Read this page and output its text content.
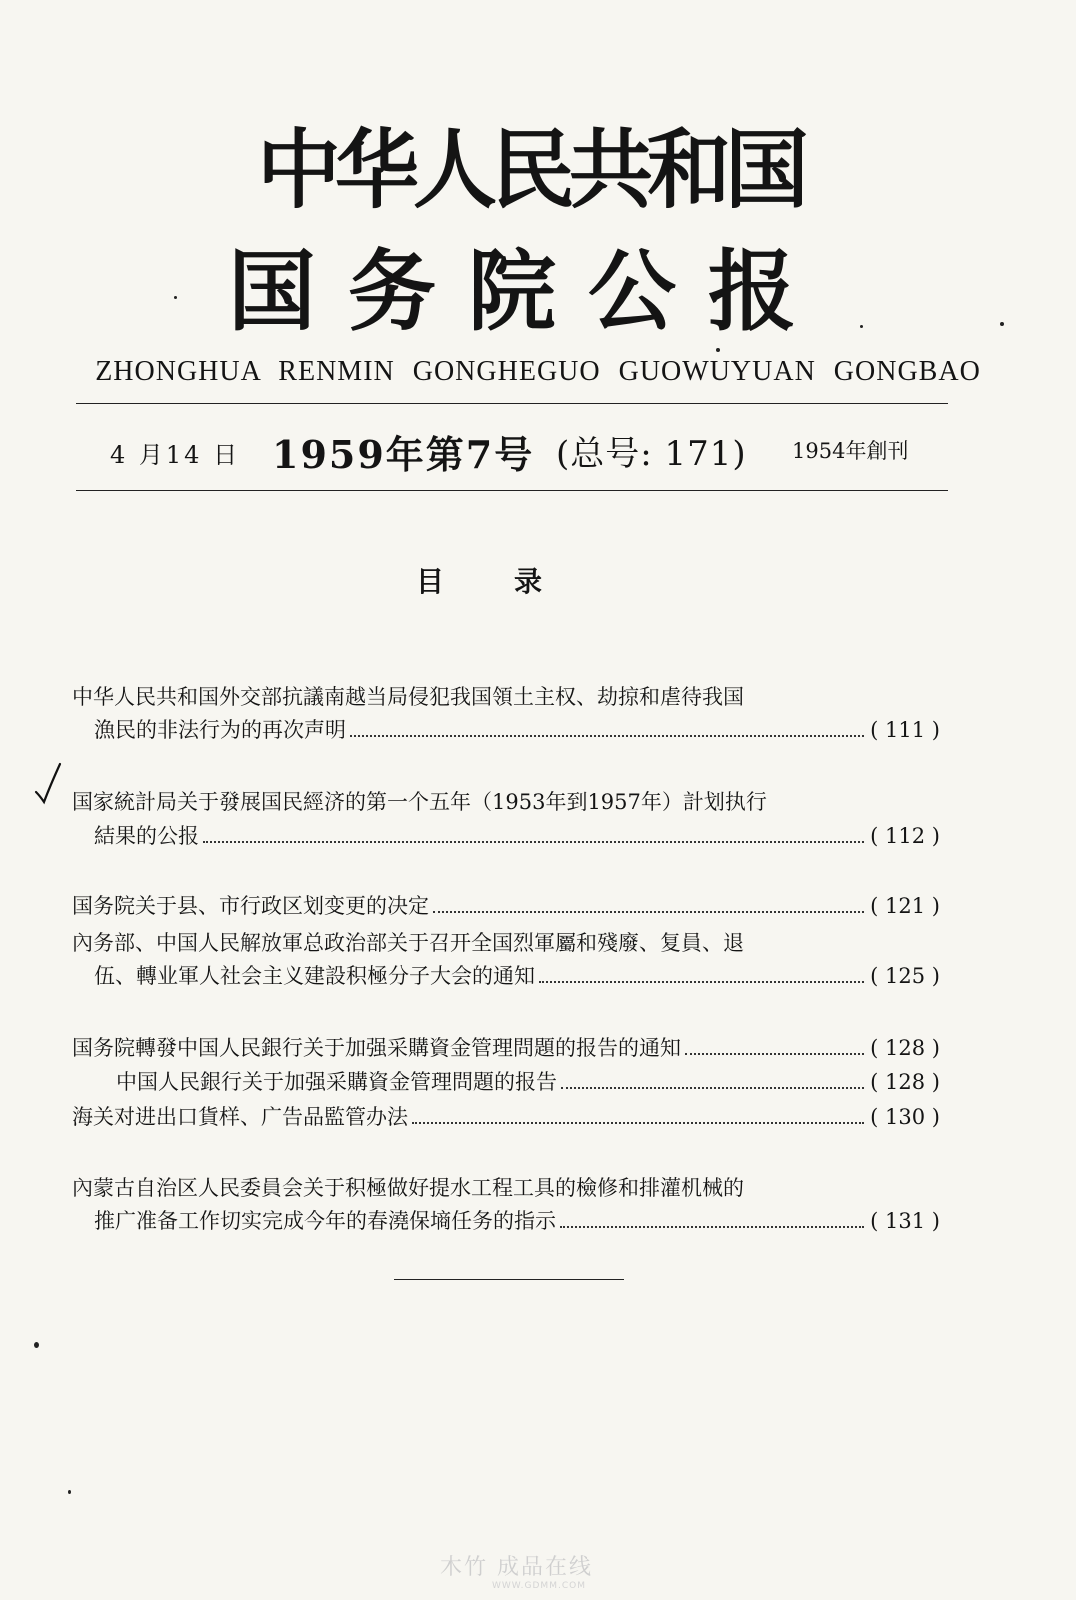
中华人民共和国
国务院公报
ZHONGHUA RENMIN GONGHEGUO GUOWUYUAN GONGBAO
4 月14 日 1959年第7号 (总号: 171) 1954年創刊
目录
中华人民共和国外交部抗議南越当局侵犯我国領土主权、劫掠和虐待我国
漁民的非法行为的再次声明	( 111 )
国家統計局关于發展国民經济的第一个五年（1953年到1957年）計划执行
結果的公报	( 112 )
国务院关于县、市行政区划变更的决定	( 121 )
內务部、中国人民解放軍总政治部关于召开全国烈軍屬和殘廢、复員、退
伍、轉业軍人社会主义建設积極分子大会的通知	( 125 )
国务院轉發中国人民銀行关于加强采購資金管理問題的报告的通知	( 128 )
中国人民銀行关于加强采購資金管理問題的报告	( 128 )
海关对进出口貨样、广告品監管办法	( 130 )
內蒙古自治区人民委員会关于积極做好提水工程工具的檢修和排灌机械的
推广准备工作切实完成今年的春澆保墒任务的指示	( 131 )
木竹 成品在线
WWW.GDMM.COM
